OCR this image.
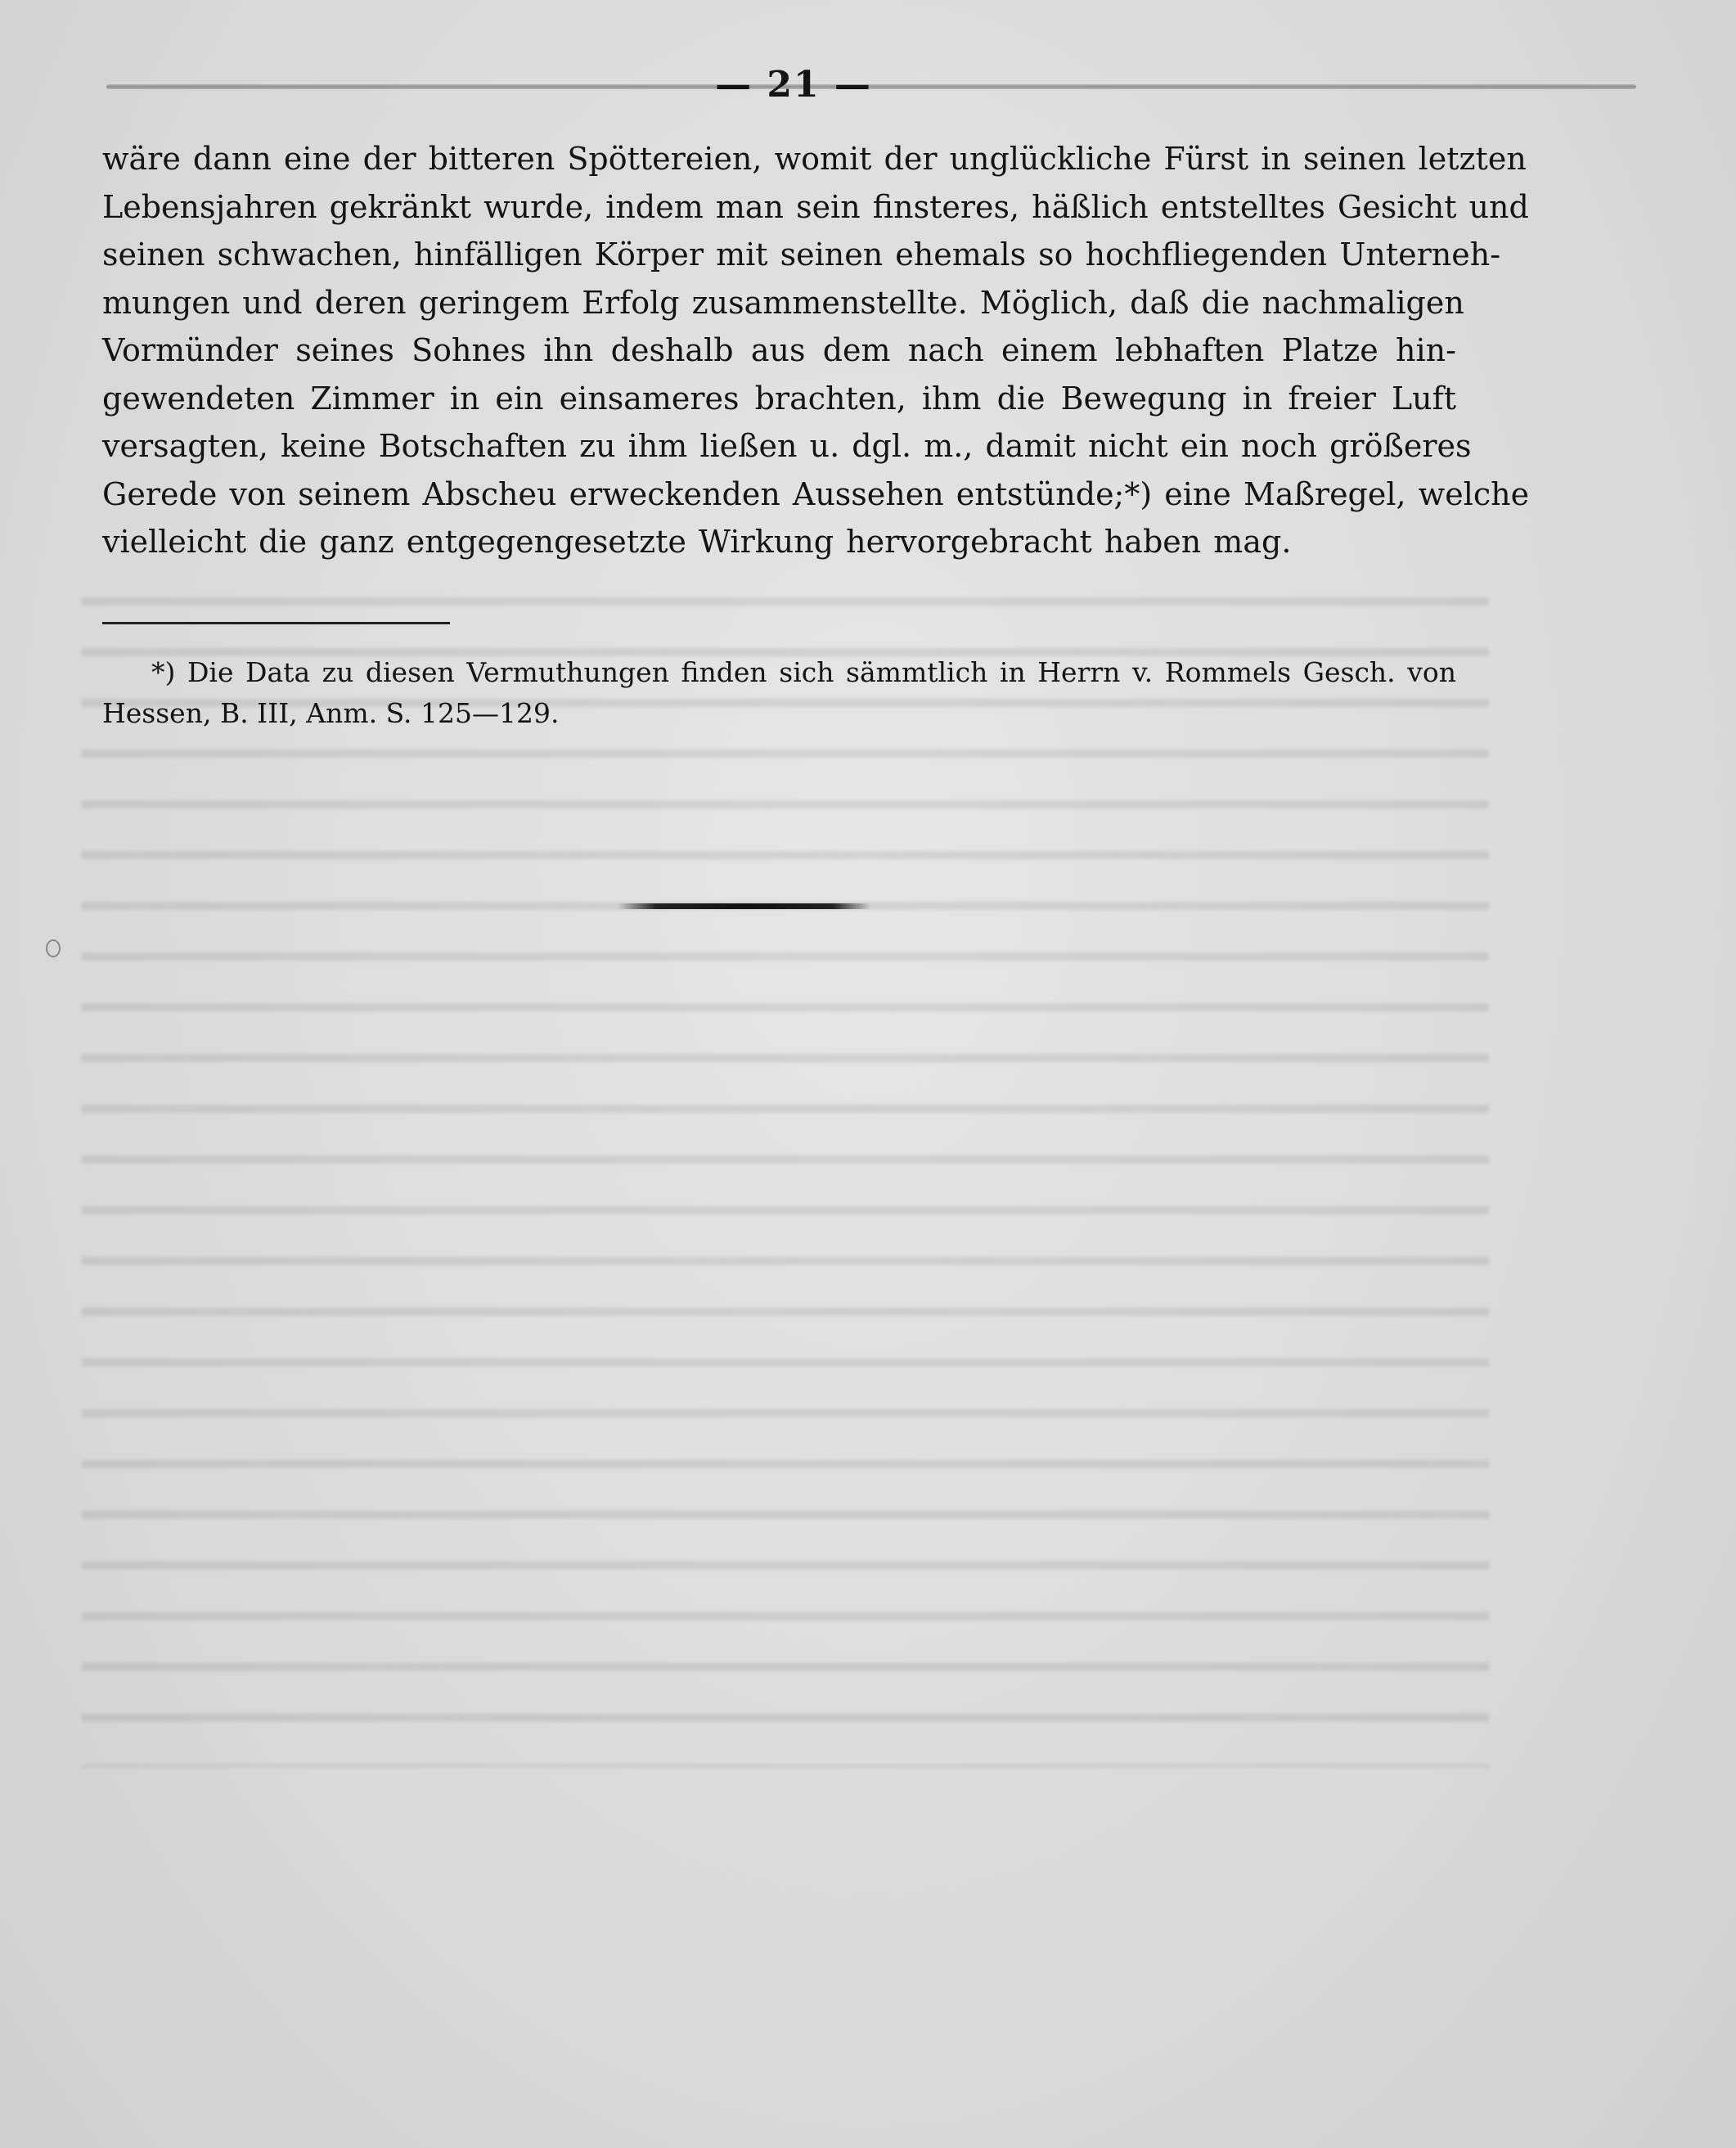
— 21 —
wäre dann eine der bitteren Spöttereien, womit der unglückliche Fürst in seinen letzten
Lebensjahren gekränkt wurde, indem man sein finsteres, häßlich entstelltes Gesicht und
seinen schwachen, hinfälligen Körper mit seinen ehemals so hochfliegenden Unterneh-
mungen und deren geringem Erfolg zusammenstellte. Möglich, daß die nachmaligen
Vormünder seines Sohnes ihn deshalb aus dem nach einem lebhaften Platze hin-
gewendeten Zimmer in ein einsameres brachten, ihm die Bewegung in freier Luft
versagten, keine Botschaften zu ihm ließen u. dgl. m., damit nicht ein noch größeres
Gerede von seinem Abscheu erweckenden Aussehen entstünde;*) eine Maßregel, welche
vielleicht die ganz entgegengesetzte Wirkung hervorgebracht haben mag.
*) Die Data zu diesen Vermuthungen finden sich sämmtlich in Herrn v. Rommels Gesch. von
Hessen, B. III, Anm. S. 125—129.
